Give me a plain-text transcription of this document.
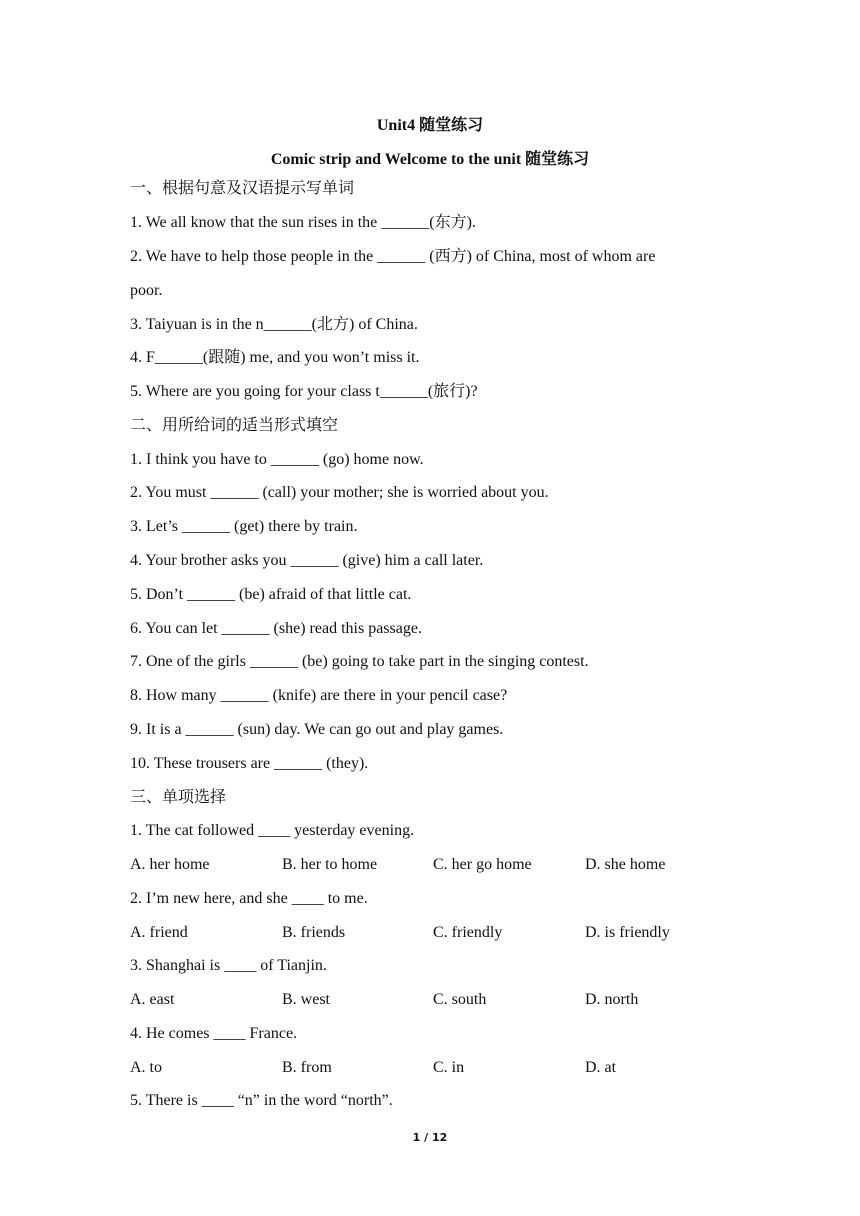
Unit4 随堂练习
Comic strip and Welcome to the unit 随堂练习
一、根据句意及汉语提示写单词
1. We all know that the sun rises in the ______(东方).
2. We have to help those people in the ______ (西方) of China, most of whom are
poor.
3. Taiyuan is in the n______(北方) of China.
4. F______(跟随) me, and you won’t miss it.
5. Where are you going for your class t______(旅行)?
二、用所给词的适当形式填空
1. I think you have to ______ (go) home now.
2. You must ______ (call) your mother; she is worried about you.
3. Let’s ______ (get) there by train.
4. Your brother asks you ______ (give) him a call later.
5. Don’t ______ (be) afraid of that little cat.
6. You can let ______ (she) read this passage.
7. One of the girls ______ (be) going to take part in the singing contest.
8. How many ______ (knife) are there in your pencil case?
9. It is a ______ (sun) day. We can go out and play games.
10. These trousers are ______ (they).
三、单项选择
1. The cat followed ____ yesterday evening.
A. her home	B. her to home	C. her go home	D. she home
2. I’m new here, and she ____ to me.
A. friend	B. friends	C. friendly	D. is friendly
3. Shanghai is ____ of Tianjin.
A. east	B. west	C. south	D. north
4. He comes ____ France.
A. to	B. from	C. in	D. at
5. There is ____ “n” in the word “north”.
1 / 12
